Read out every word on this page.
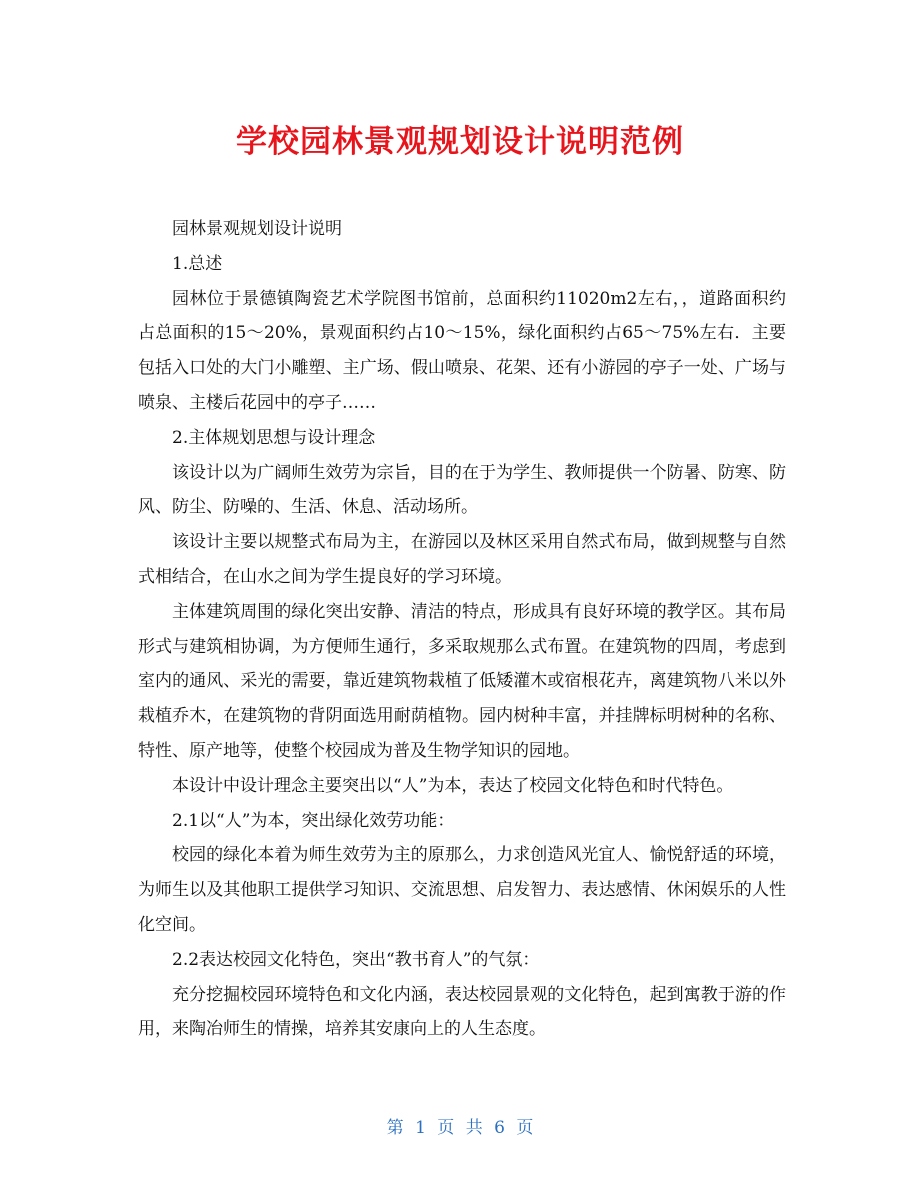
学校园林景观规划设计说明范例

园林景观规划设计说明

1.总述

园林位于景德镇陶瓷艺术学院图书馆前，总面积约11020m2左右，，道路面积约占总面积的15～20%，景观面积约占10～15%，绿化面积约占65～75%左右．主要包括入口处的大门小雕塑、主广场、假山喷泉、花架、还有小游园的亭子一处、广场与喷泉、主楼后花园中的亭子……

2.主体规划思想与设计理念

该设计以为广阔师生效劳为宗旨，目的在于为学生、教师提供一个防暑、防寒、防风、防尘、防噪的、生活、休息、活动场所。

该设计主要以规整式布局为主，在游园以及林区采用自然式布局，做到规整与自然式相结合，在山水之间为学生提良好的学习环境。

主体建筑周围的绿化突出安静、清洁的特点，形成具有良好环境的教学区。其布局形式与建筑相协调，为方便师生通行，多采取规那么式布置。在建筑物的四周，考虑到室内的通风、采光的需要，靠近建筑物栽植了低矮灌木或宿根花卉，离建筑物八米以外栽植乔木，在建筑物的背阴面选用耐荫植物。园内树种丰富，并挂牌标明树种的名称、特性、原产地等，使整个校园成为普及生物学知识的园地。

本设计中设计理念主要突出以“人”为本，表达了校园文化特色和时代特色。

2.1以“人”为本，突出绿化效劳功能：

校园的绿化本着为师生效劳为主的原那么，力求创造风光宜人、愉悦舒适的环境，为师生以及其他职工提供学习知识、交流思想、启发智力、表达感情、休闲娱乐的人性化空间。

2.2表达校园文化特色，突出“教书育人”的气氛：

充分挖掘校园环境特色和文化内涵，表达校园景观的文化特色，起到寓教于游的作用，来陶冶师生的情操，培养其安康向上的人生态度。

第 1 页 共 6 页
